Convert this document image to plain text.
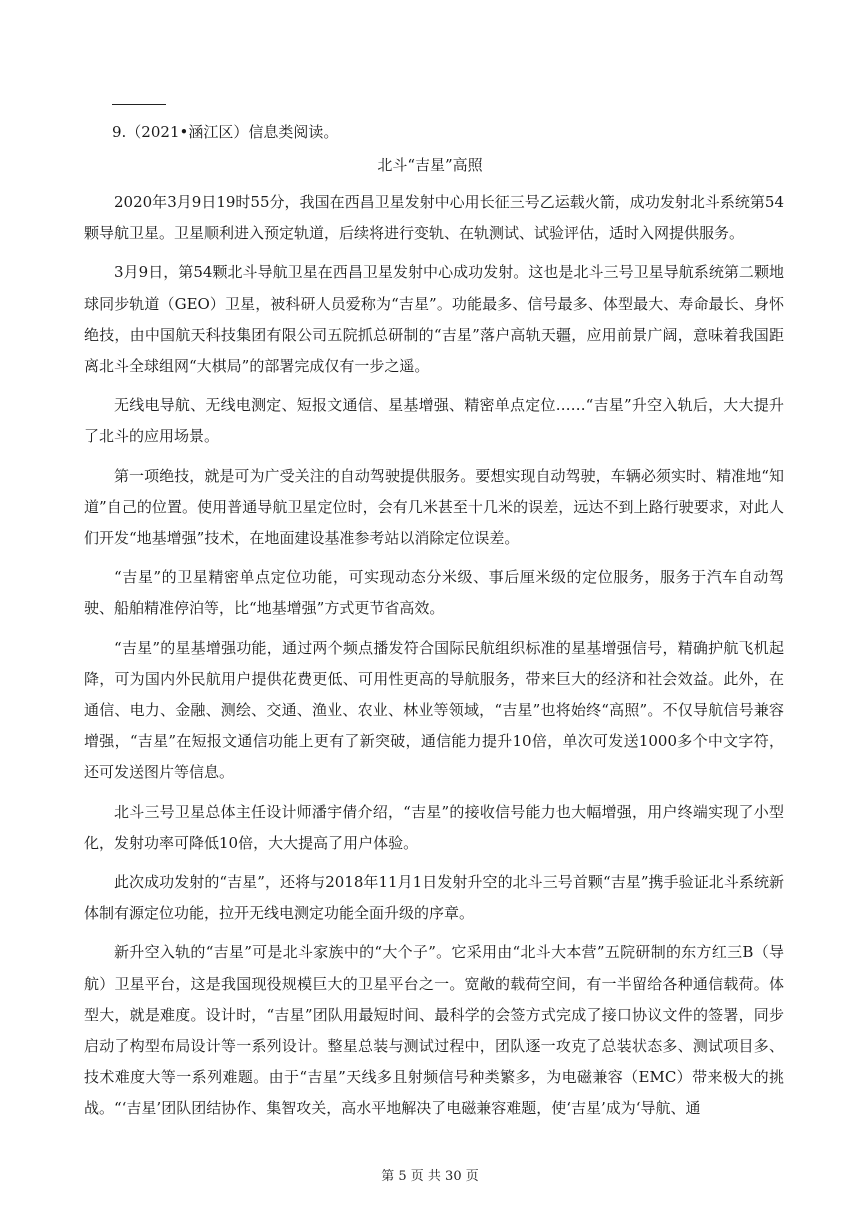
9.（2021•涵江区）信息类阅读。
北斗“吉星”高照

2020年3月9日19时55分，我国在西昌卫星发射中心用长征三号乙运载火箭，成功发射北斗系统第54颗导航卫星。卫星顺利进入预定轨道，后续将进行变轨、在轨测试、试验评估，适时入网提供服务。

3月9日，第54颗北斗导航卫星在西昌卫星发射中心成功发射。这也是北斗三号卫星导航系统第二颗地球同步轨道（GEO）卫星，被科研人员爱称为“吉星”。功能最多、信号最多、体型最大、寿命最长、身怀绝技，由中国航天科技集团有限公司五院抓总研制的“吉星”落户高轨天疆，应用前景广阔，意味着我国距离北斗全球组网“大棋局”的部署完成仅有一步之遥。

无线电导航、无线电测定、短报文通信、星基增强、精密单点定位……“吉星”升空入轨后，大大提升了北斗的应用场景。

第一项绝技，就是可为广受关注的自动驾驶提供服务。要想实现自动驾驶，车辆必须实时、精准地“知道”自己的位置。使用普通导航卫星定位时，会有几米甚至十几米的误差，远达不到上路行驶要求，对此人们开发“地基增强”技术，在地面建设基准参考站以消除定位误差。

“吉星”的卫星精密单点定位功能，可实现动态分米级、事后厘米级的定位服务，服务于汽车自动驾驶、船舶精准停泊等，比“地基增强”方式更节省高效。

“吉星”的星基增强功能，通过两个频点播发符合国际民航组织标准的星基增强信号，精确护航飞机起降，可为国内外民航用户提供花费更低、可用性更高的导航服务，带来巨大的经济和社会效益。此外，在通信、电力、金融、测绘、交通、渔业、农业、林业等领域，“吉星”也将始终“高照”。不仅导航信号兼容增强，“吉星”在短报文通信功能上更有了新突破，通信能力提升10倍，单次可发送1000多个中文字符，还可发送图片等信息。

北斗三号卫星总体主任设计师潘宇倩介绍，“吉星”的接收信号能力也大幅增强，用户终端实现了小型化，发射功率可降低10倍，大大提高了用户体验。

此次成功发射的“吉星”，还将与2018年11月1日发射升空的北斗三号首颗“吉星”携手验证北斗系统新体制有源定位功能，拉开无线电测定功能全面升级的序章。

新升空入轨的“吉星”可是北斗家族中的“大个子”。它采用由“北斗大本营”五院研制的东方红三B（导航）卫星平台，这是我国现役规模巨大的卫星平台之一。宽敞的载荷空间，有一半留给各种通信载荷。体型大，就是难度。设计时，“吉星”团队用最短时间、最科学的会签方式完成了接口协议文件的签署，同步启动了构型布局设计等一系列设计。整星总装与测试过程中，团队逐一攻克了总装状态多、测试项目多、技术难度大等一系列难题。由于“吉星”天线多且射频信号种类繁多，为电磁兼容（EMC）带来极大的挑战。“‘吉星’团队团结协作、集智攻关，高水平地解决了电磁兼容难题，使‘吉星’成为‘导航、通

第 5 页 共 30 页
